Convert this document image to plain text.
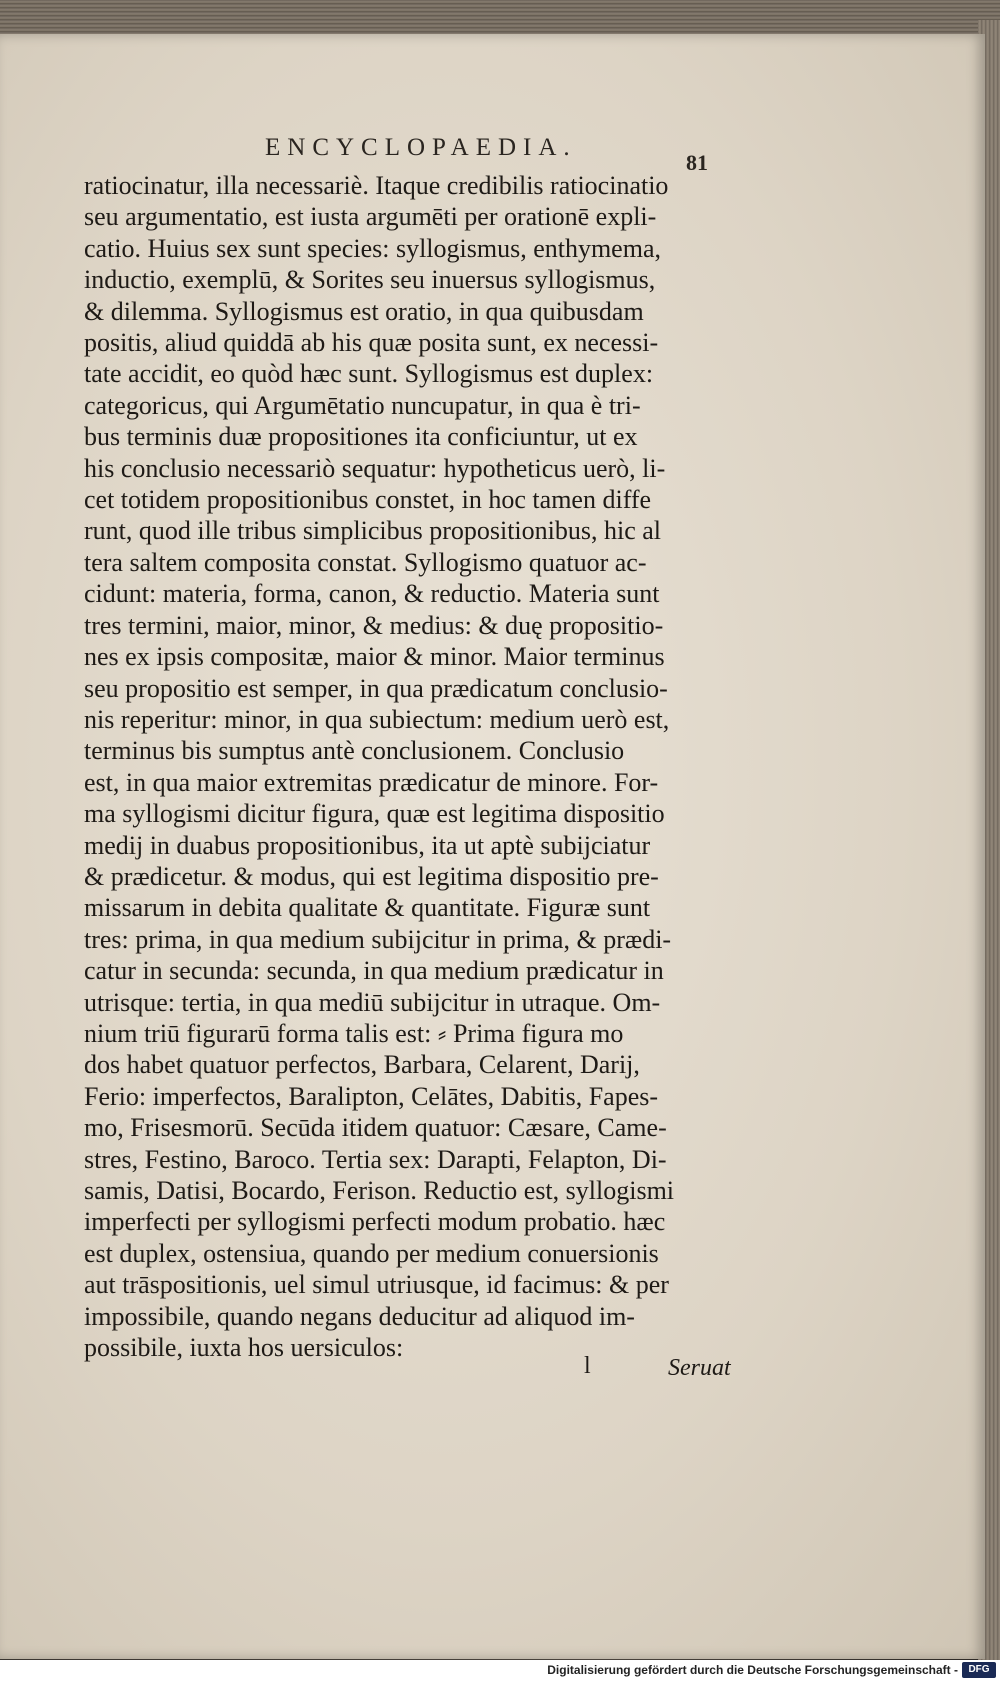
ENCYCLOPAEDIA.
81
ratiocinatur, illa necessariè. Itaque credibilis ratiocinatio
seu argumentatio, est iusta argumēti per orationē expli-
catio. Huius sex sunt species: syllogismus, enthymema,
inductio, exemplū, & Sorites seu inuersus syllogismus,
& dilemma. Syllogismus est oratio, in qua quibusdam
positis, aliud quiddā ab his quæ posita sunt, ex necessi-
tate accidit, eo quòd hæc sunt. Syllogismus est duplex:
categoricus, qui Argumētatio nuncupatur, in qua è tri-
bus terminis duæ propositiones ita conficiuntur, ut ex
his conclusio necessariò sequatur: hypotheticus uerò, li-
cet totidem propositionibus constet, in hoc tamen diffe
runt, quod ille tribus simplicibus propositionibus, hic al
tera saltem composita constat. Syllogismo quatuor ac-
cidunt: materia, forma, canon, & reductio. Materia sunt
tres termini, maior, minor, & medius: & duę propositio-
nes ex ipsis compositæ, maior & minor. Maior terminus
seu propositio est semper, in qua prædicatum conclusio-
nis reperitur: minor, in qua subiectum: medium uerò est,
terminus bis sumptus antè conclusionem. Conclusio
est, in qua maior extremitas prædicatur de minore. For-
ma syllogismi dicitur figura, quæ est legitima dispositio
medij in duabus propositionibus, ita ut aptè subijciatur
& prædicetur. & modus, qui est legitima dispositio pre-
missarum in debita qualitate & quantitate. Figuræ sunt
tres: prima, in qua medium subijcitur in prima, & prædi-
catur in secunda: secunda, in qua medium prædicatur in
utrisque: tertia, in qua mediū subijcitur in utraque. Om-
nium triū figurarū forma talis est: ⸗ Prima figura mo
dos habet quatuor perfectos, Barbara, Celarent, Darij,
Ferio: imperfectos, Baralipton, Celātes, Dabitis, Fapes-
mo, Frisesmorū. Secūda itidem quatuor: Cæsare, Came-
stres, Festino, Baroco. Tertia sex: Darapti, Felapton, Di-
samis, Datisi, Bocardo, Ferison. Reductio est, syllogismi
imperfecti per syllogismi perfecti modum probatio. hæc
est duplex, ostensiua, quando per medium conuersionis
aut trāspositionis, uel simul utriusque, id facimus: & per
impossibile, quando negans deducitur ad aliquod im-
possibile, iuxta hos uersiculos:
l	Seruat
Digitalisierung gefördert durch die Deutsche Forschungsgemeinschaft -	DFG
